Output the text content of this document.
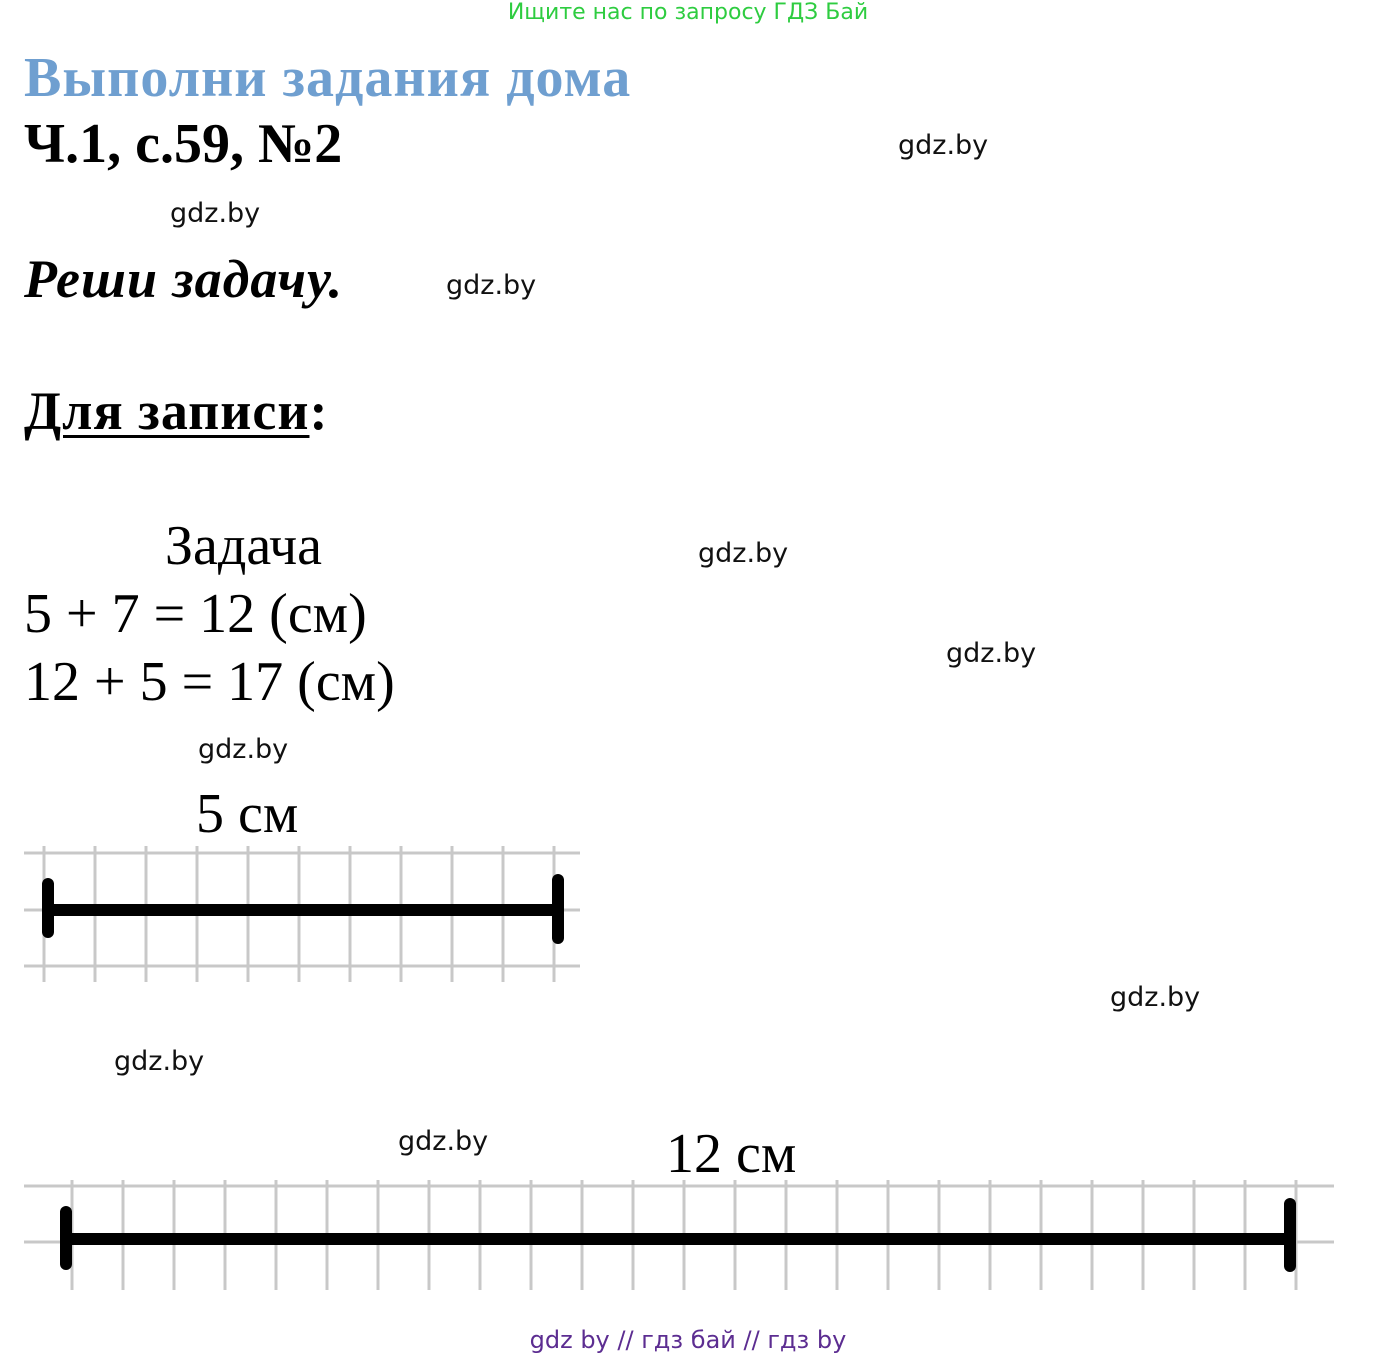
Ищите нас по запросу ГДЗ Бай
Выполни задания дома
Ч.1, с.59, №2
Реши задачу.
Для записи:
Задача
5 + 7 = 12 (см)
12 + 5 = 17 (см)
5 см
12 см
gdz.by
gdz.by
gdz.by
gdz.by
gdz.by
gdz.by
gdz.by
gdz.by
gdz.by
gdz by // гдз бай // гдз by
